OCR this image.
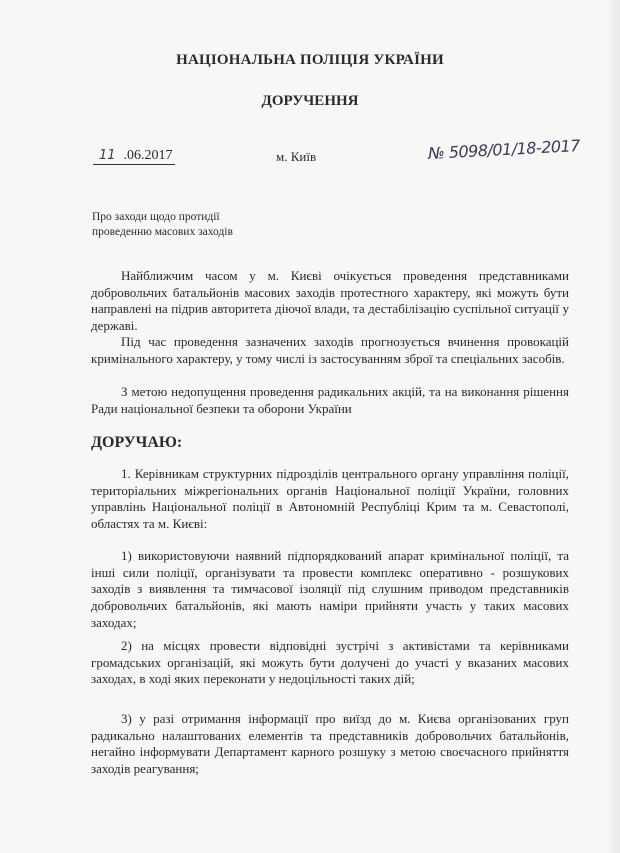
НАЦІОНАЛЬНА ПОЛІЦІЯ УКРАЇНИ
ДОРУЧЕННЯ
11 .06.2017	м. Київ	№ 5098/01/18-2017
Про заходи щодо протидії
проведенню масових заходів

Найближчим часом у м. Києві очікується проведення представниками добровольчих батальйонів масових заходів протестного характеру, які можуть бути направлені на підрив авторитета діючої влади, та дестабілізацію суспільної ситуації у державі.

Під час проведення зазначених заходів прогнозується вчинення провокацій кримінального характеру, у тому числі із застосуванням зброї та спеціальних засобів.

З метою недопущення проведення радикальних акцій, та на виконання рішення Ради національної безпеки та оборони України

ДОРУЧАЮ:

1. Керівникам структурних підрозділів центрального органу управління поліції, територіальних міжрегіональних органів Національної поліції України, головних управлінь Національної поліції в Автономній Республіці Крим та м. Севастополі, областях та м. Києві:

1) використовуючи наявний підпорядкований апарат кримінальної поліції, та інші сили поліції, організувати та провести комплекс оперативно - розшукових заходів з виявлення та тимчасової ізоляції під слушним приводом представників добровольчих батальйонів, які мають наміри прийняти участь у таких масових заходах;

2) на місцях провести відповідні зустрічі з активістами та керівниками громадських організацій, які можуть бути долучені до участі у вказаних масових заходах, в ході яких переконати у недоцільності таких дій;

3) у разі отримання інформації про виїзд до м. Києва організованих груп радикально налаштованих елементів та представників добровольчих батальйонів, негайно інформувати Департамент карного розшуку з метою своєчасного прийняття заходів реагування;
